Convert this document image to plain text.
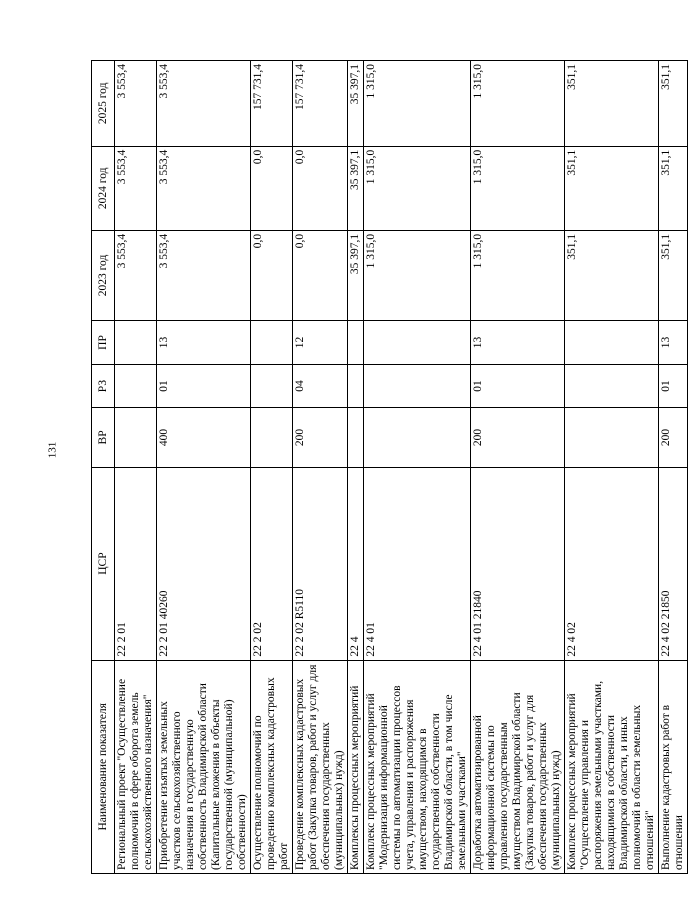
131
Наименование показателя	ЦСР	ВР	РЗ	ПР	2023 год	2024 год	2025 год
Региональный проект "Осуществление полномочий в сфере оборота земель сельскохозяйственного назначения"	22 2 01				3 553,4	3 553,4	3 553,4
Приобретение изъятых земельных участков сельскохозяйственного назначения в государственную собственность Владимирской области (Капитальные вложения в объекты государственной (муниципальной) собственности)	22 2 01 40260	400	01	13	3 553,4	3 553,4	3 553,4
Осуществление полномочий по проведению комплексных кадастровых работ	22 2 02				0,0	0,0	157 731,4
Проведение комплексных кадастровых работ (Закупка товаров, работ и услуг для обеспечения государственных (муниципальных) нужд)	22 2 02 R5110	200	04	12	0,0	0,0	157 731,4
Комплексы процессных мероприятий	22 4				35 397,1	35 397,1	35 397,1
Комплекс процессных мероприятий "Модернизация информационной системы по автоматизации процессов учета, управления и распоряжения имуществом, находящимся в государственной собственности Владимирской области, в том числе земельными участками"	22 4 01				1 315,0	1 315,0	1 315,0
Доработка автоматизированной информационной системы по управлению государственным имуществом Владимирской области (Закупка товаров, работ и услуг для обеспечения государственных (муниципальных) нужд)	22 4 01 21840	200	01	13	1 315,0	1 315,0	1 315,0
Комплекс процессных мероприятий "Осуществление управления и распоряжения земельными участками, находящимися в собственности Владимирской области, и иных полномочий в области земельных отношений"	22 4 02				351,1	351,1	351,1
Выполнение кадастровых работ в отношении	22 4 02 21850	200	01	13	351,1	351,1	351,1
